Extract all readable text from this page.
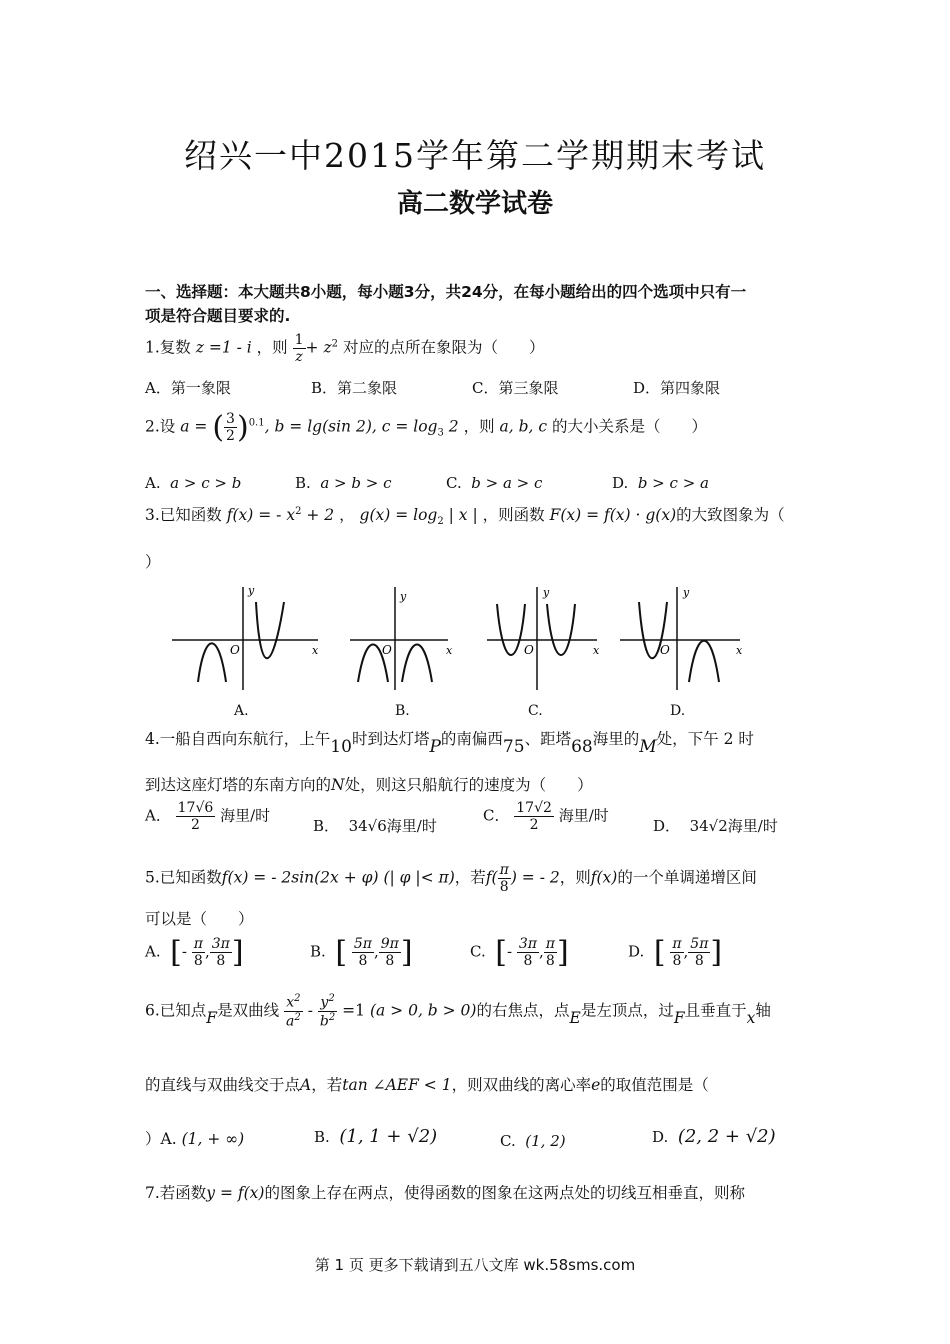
绍兴一中2015学年第二学期期末考试
高二数学试卷
一、选择题：本大题共8小题，每小题3分，共24分，在每小题给出的四个选项中只有一
项是符合题目要求的.
1.复数 z =1 - i ，则 $\frac{1}{z} + z^2$ 对应的点所在象限为（　　）
A．第一象限	B．第二象限	C．第三象限	D．第四象限
2.设 a = ( $\frac{3}{2} )^{0.1}$, b = lg(sin 2), $c = \log_3 2$ ，则 a, b, c 的大小关系是（　　）
A. a > c > b	B. a > b > c	C. b > a > c	D. b > c > a
3.已知函数 f(x) = - $x^2 + 2$ ， $g(x) = \log_2$ | x | ，则函数 F(x) = f(x) · g(x)的大致图象为（
）
y
x
O
y
x
O
y
x
O
y
x
O
A.	B.	C.	D.
4.一船自西向东航行，上午10时到达灯塔P的南偏西75、距塔68海里的M处，下午 2 时
到达这座灯塔的东南方向的N处，则这只船航行的速度为（　　）
A． $\frac{17√6}{2}$ 海里/时
B． 34√6海里/时
C． $\frac{17√2}{2}$ 海里/时
D． 34√2海里/时
5.已知函数f(x) = - 2sin(2x + φ) (| φ |< π)，若$f( \frac{\pi}{8}$ ) = - 2，则f(x)的一个单调递增区间
可以是（　　）
A. [- $\frac{\pi}{8}$ , $\frac{3\pi}{8}$ ]	B. [ $\frac{5\pi}{8}$ , $\frac{9\pi}{8}$ ]	C. [- $\frac{3\pi}{8}$ , $\frac{\pi}{8}$ ]	D. [ $\frac{\pi}{8}$ , $\frac{5\pi}{8}$ ]
6.已知点F是双曲线 $\frac{x^2}{a^2} - \frac{y^2}{b^2} =1$ (a > 0, b > 0)的右焦点，点E是左顶点，过F且垂直于x轴
的直线与双曲线交于点A，若tan ∠AEF < 1，则双曲线的离心率e的取值范围是（
）A. (1, + ∞)	B. (1, 1 + √2)	C. (1, 2)	D. (2, 2 + √2)
7.若函数y = f(x)的图象上存在两点，使得函数的图象在这两点处的切线互相垂直，则称
第 1 页 更多下载请到五八文库 wk.58sms.com
